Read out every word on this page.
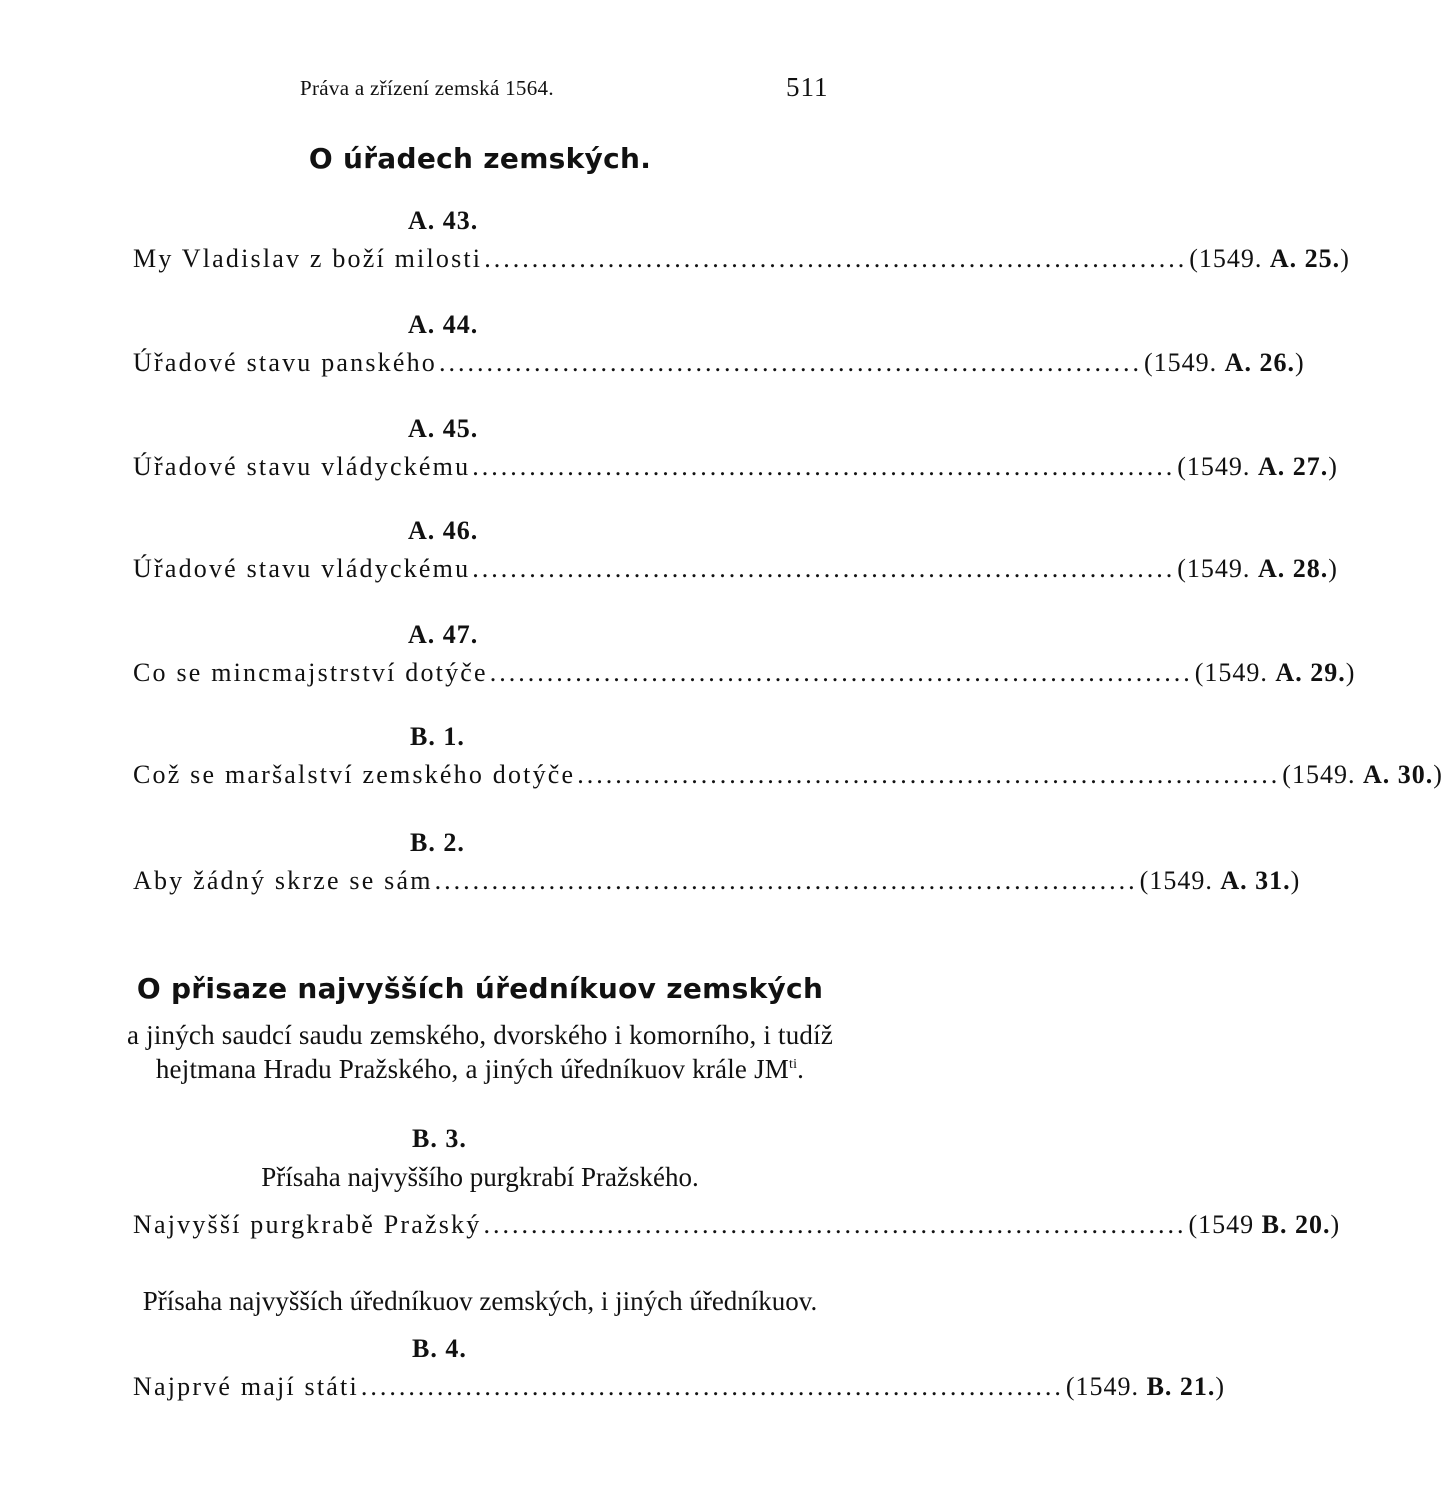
Práva a zřízení zemská 1564.	511
O úřadech zemských.
A. 43.
My Vladislav z boží milosti .......................................................................... (1549. A. 25.)
A. 44.
Úřadové stavu panského .......................................................................... (1549. A. 26.)
A. 45.
Úřadové stavu vládyckému .......................................................................... (1549. A. 27.)
A. 46.
Úřadové stavu vládyckému .......................................................................... (1549. A. 28.)
A. 47.
Co se mincmajstrství dotýče .......................................................................... (1549. A. 29.)
B. 1.
Což se maršalství zemského dotýče .......................................................................... (1549. A. 30.)
B. 2.
Aby žádný skrze se sám .......................................................................... (1549. A. 31.)
O přisaze najvyšších úředníkuov zemských
a jiných saudcí saudu zemského, dvorského i komorního, i tudíž
hejtmana Hradu Pražského, a jiných úředníkuov krále $JM^{ti}$.
B. 3.
Přísaha najvyššího purgkrabí Pražského.
Najvyšší purgkrabě Pražský .......................................................................... (1549 B. 20.)
Přísaha najvyšších úředníkuov zemských, i jiných úředníkuov.
B. 4.
Najprvé mají státi .......................................................................... (1549. B. 21.)
